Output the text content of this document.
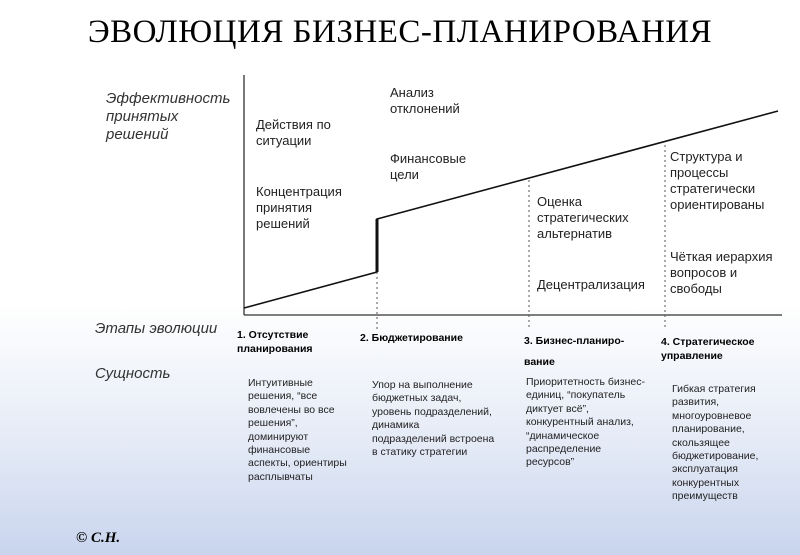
ЭВОЛЮЦИЯ БИЗНЕС-ПЛАНИРОВАНИЯ
Эффективность
принятых
решений
Действия по
ситуации
Концентрация
принятия
решений
Анализ
отклонений
Финансовые
цели
Оценка
стратегических
альтернатив
Децентрализация
Структура и
процессы
стратегически
ориентированы
Чёткая иерархия
вопросов и
свободы
Этапы эволюции
Сущность
1. Отсутствие
планирования
2. Бюджетирование	3. Бизнес-планиро-
вание
4. Стратегическое
управление
Интуитивные
решения, “все
вовлечены во все
решения”,
доминируют
финансовые
аспекты, ориентиры
расплывчаты
Упор на выполнение
бюджетных задач,
уровень подразделений,
динамика
подразделений встроена
в статику стратегии
Приоритетность бизнес-
единиц, “покупатель
диктует всё”,
конкурентный анализ,
“динамическое
распределение
ресурсов”
Гибкая стратегия
развития,
многоуровневое
планирование,
скользящее
бюджетирование,
эксплуатация
конкурентных
преимуществ
© С.Н.
